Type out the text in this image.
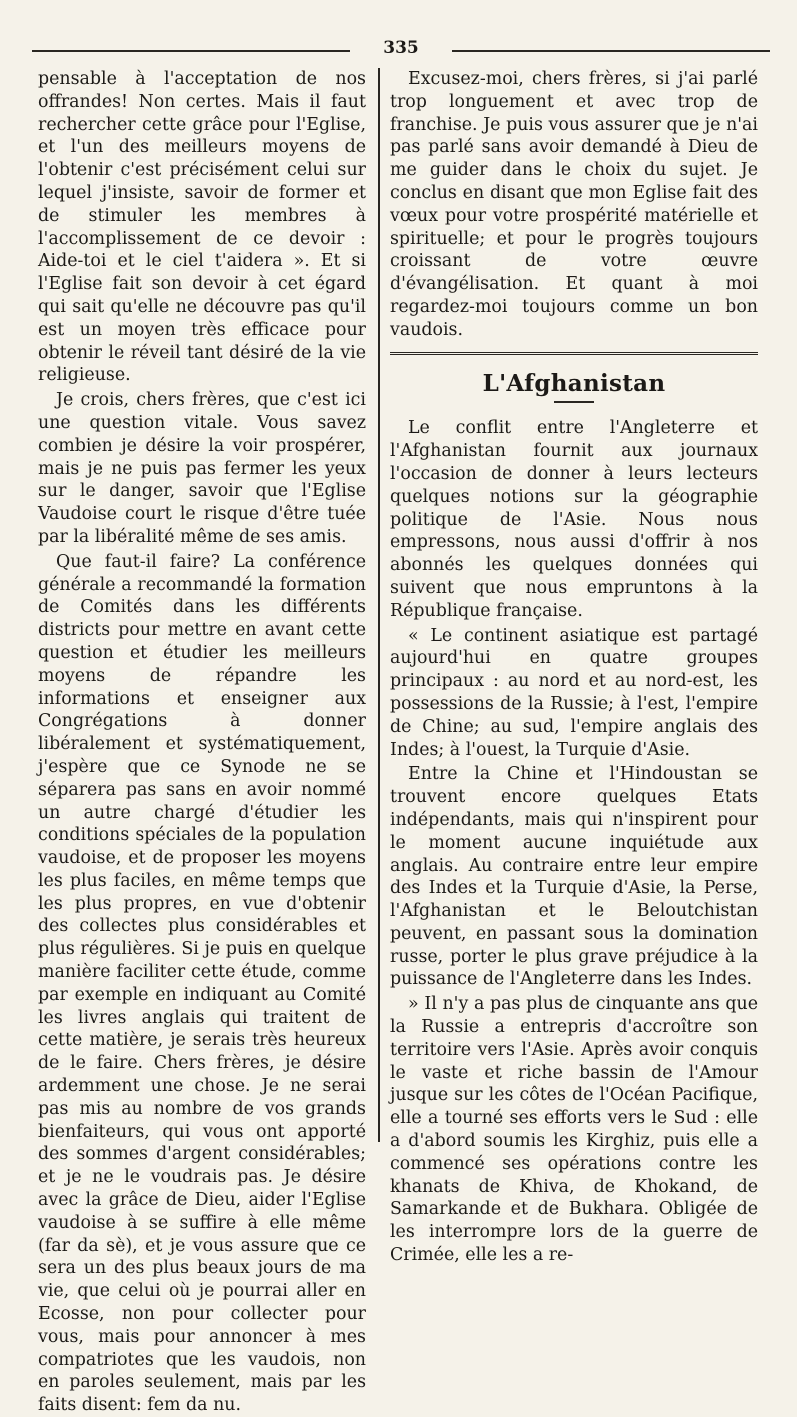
335

pensable à l'acceptation de nos offrandes! Non certes. Mais il faut rechercher cette grâce pour l'Eglise, et l'un des meilleurs moyens de l'obtenir c'est précisément celui sur lequel j'insiste, savoir de former et de stimuler les membres à l'accomplissement de ce devoir : Aide-toi et le ciel t'aidera ». Et si l'Eglise fait son devoir à cet égard qui sait qu'elle ne découvre pas qu'il est un moyen très efficace pour obtenir le réveil tant désiré de la vie religieuse.

Je crois, chers frères, que c'est ici une question vitale. Vous savez combien je désire la voir prospérer, mais je ne puis pas fermer les yeux sur le danger, savoir que l'Eglise Vaudoise court le risque d'être tuée par la libéralité même de ses amis.

Que faut-il faire? La conférence générale a recommandé la formation de Comités dans les différents districts pour mettre en avant cette question et étudier les meilleurs moyens de répandre les informations et enseigner aux Congrégations à donner libéralement et systématiquement, j'espère que ce Synode ne se séparera pas sans en avoir nommé un autre chargé d'étudier les conditions spéciales de la population vaudoise, et de proposer les moyens les plus faciles, en même temps que les plus propres, en vue d'obtenir des collectes plus considérables et plus régulières. Si je puis en quelque manière faciliter cette étude, comme par exemple en indiquant au Comité les livres anglais qui traitent de cette matière, je serais très heureux de le faire. Chers frères, je désire ardemment une chose. Je ne serai pas mis au nombre de vos grands bienfaiteurs, qui vous ont apporté des sommes d'argent considérables; et je ne le voudrais pas. Je désire avec la grâce de Dieu, aider l'Eglise vaudoise à se suffire à elle même (far da sè), et je vous assure que ce sera un des plus beaux jours de ma vie, que celui où je pourrai aller en Ecosse, non pour collecter pour vous, mais pour annoncer à mes compatriotes que les vaudois, non en paroles seulement, mais par les faits disent: fem da nu.

Excusez-moi, chers frères, si j'ai parlé trop longuement et avec trop de franchise. Je puis vous assurer que je n'ai pas parlé sans avoir demandé à Dieu de me guider dans le choix du sujet. Je conclus en disant que mon Eglise fait des vœux pour votre prospérité matérielle et spirituelle; et pour le progrès toujours croissant de votre œuvre d'évangélisation. Et quant à moi regardez-moi toujours comme un bon vaudois.

L'Afghanistan

Le conflit entre l'Angleterre et l'Afghanistan fournit aux journaux l'occasion de donner à leurs lecteurs quelques notions sur la géographie politique de l'Asie. Nous nous empressons, nous aussi d'offrir à nos abonnés les quelques données qui suivent que nous empruntons à la République française.

« Le continent asiatique est partagé aujourd'hui en quatre groupes principaux : au nord et au nord-est, les possessions de la Russie; à l'est, l'empire de Chine; au sud, l'empire anglais des Indes; à l'ouest, la Turquie d'Asie.

Entre la Chine et l'Hindoustan se trouvent encore quelques Etats indépendants, mais qui n'inspirent pour le moment aucune inquiétude aux anglais. Au contraire entre leur empire des Indes et la Turquie d'Asie, la Perse, l'Afghanistan et le Beloutchistan peuvent, en passant sous la domination russe, porter le plus grave préjudice à la puissance de l'Angleterre dans les Indes.

» Il n'y a pas plus de cinquante ans que la Russie a entrepris d'accroître son territoire vers l'Asie. Après avoir conquis le vaste et riche bassin de l'Amour jusque sur les côtes de l'Océan Pacifique, elle a tourné ses efforts vers le Sud : elle a d'abord soumis les Kirghiz, puis elle a commencé ses opérations contre les khanats de Khiva, de Khokand, de Samarkande et de Bukhara. Obligée de les interrompre lors de la guerre de Crimée, elle les a re-
